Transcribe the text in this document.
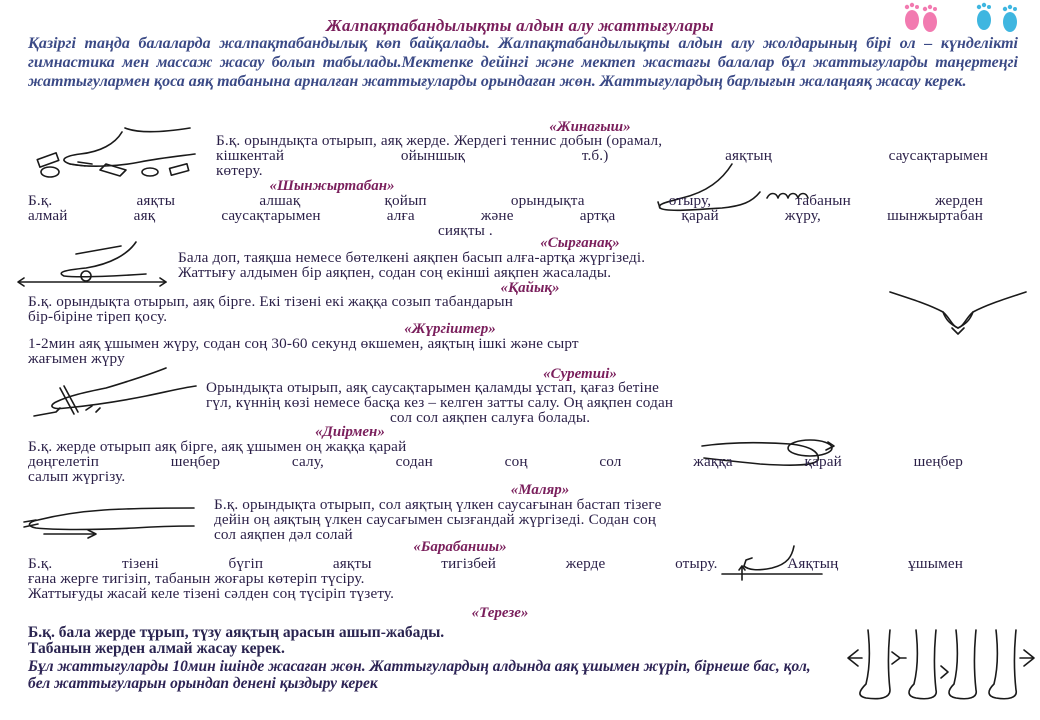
Жалпақтабандылықты алдын алу жаттығулары
Қазіргі таңда балаларда жалпақтабандылық көп байқалады. Жалпақтабандылықты алдын алу жолдарының бірі ол – күнделікті гимнастика мен массаж жасау болып табылады.Мектепке дейінгі және мектеп жастағы балалар бұл жаттығуларды таңертеңгі жаттығулармен қоса аяқ табанына арналған жаттығуларды орындаған жөн. Жаттығулардың барлығын жалаңаяқ жасау керек.
«Жинағыш»
Б.қ. орындықта отырып, аяқ жерде. Жердегі теннис добын (орамал,
кішкентай ойыншық т.б.) аяқтың саусақтарымен
көтеру.
«Шынжыртабан»
Б.қ. аяқты алшақ қойып орындықта отыру, табанын жерден
алмай аяқ саусақтарымен алға және артқа қарай жүру, шынжыртабан
сияқты .
«Сырғанақ»
Бала доп, таяқша немесе бөтелкені аяқпен басып алға-артқа жүргізеді.
Жаттығу алдымен бір аяқпен, содан соң екінші аяқпен жасалады.
«Қайық»
Б.қ. орындықта отырып, аяқ бірге. Екі тізені екі жаққа созып табандарын
бір-біріне тіреп қосу.
«Жүргіштер»
1-2мин аяқ ұшымен жүру, содан соң 30-60 секунд өкшемен, аяқтың ішкі және сырт
жағымен жүру
«Суретші»
Орындықта отырып, аяқ саусақтарымен қаламды ұстап, қағаз бетіне
гүл, күннің көзі немесе басқа кез – келген затты салу. Оң аяқпен содан
сол сол аяқпен салуға болады.
«Диірмен»
Б.қ. жерде отырып аяқ бірге, аяқ ұшымен оң жаққа қарай
дөңгелетіп шеңбер салу, содан соң сол жаққа қарай шеңбер
салып жүргізу.
«Маляр»
Б.қ. орындықта отырып, сол аяқтың үлкен саусағынан бастап тізеге
дейін оң аяқтың үлкен саусағымен сызғандай жүргізеді. Содан соң
сол аяқпен дәл солай
«Барабаншы»
Б.қ. тізені бүгіп аяқты тигізбей жерде отыру. Аяқтың ұшымен
ғана жерге тигізіп, табанын жоғары көтеріп түсіру.
Жаттығуды жасай келе тізені сәлден соң түсіріп түзету.
«Терезе»
Б.қ. бала жерде тұрып, түзу аяқтың арасын ашып-жабады.
Табанын жерден алмай жасау керек.
Бұл жаттығуларды 10мин ішінде жасаған жөн. Жаттығулардың алдында аяқ ұшымен жүріп, бірнеше бас, қол, бел жаттығуларын орындап денені қыздыру керек
